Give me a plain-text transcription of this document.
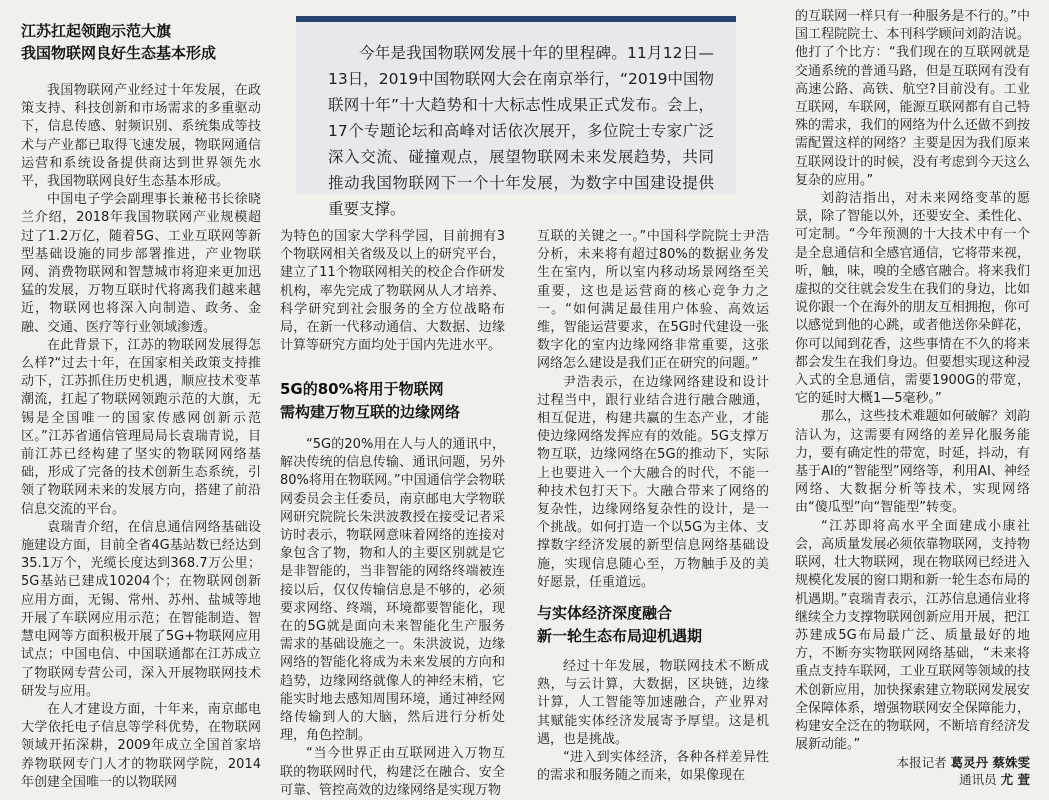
今年是我国物联网发展十年的里程碑。11月12日—13日，2019中国物联网大会在南京举行，“2019中国物联网十年”十大趋势和十大标志性成果正式发布。会上，17个专题论坛和高峰对话依次展开，多位院士专家广泛深入交流、碰撞观点，展望物联网未来发展趋势，共同推动我国物联网下一个十年发展，为数字中国建设提供重要支撑。

江苏扛起领跑示范大旗
我国物联网良好生态基本形成

我国物联网产业经过十年发展，在政策支持、科技创新和市场需求的多重驱动下，信息传感、射频识别、系统集成等技术与产业都已取得飞速发展，物联网通信运营和系统设备提供商达到世界领先水平，我国物联网良好生态基本形成。

中国电子学会副理事长兼秘书长徐晓兰介绍，2018年我国物联网产业规模超过了1.2万亿，随着5G、工业互联网等新型基础设施的同步部署推进，产业物联网、消费物联网和智慧城市将迎来更加迅猛的发展，万物互联时代将离我们越来越近，物联网也将深入向制造、政务、金融、交通、医疗等行业领域渗透。

在此背景下，江苏的物联网发展得怎么样?“过去十年，在国家相关政策支持推动下，江苏抓住历史机遇，顺应技术变革潮流，扛起了物联网领跑示范的大旗，无锡是全国唯一的国家传感网创新示范区。”江苏省通信管理局局长袁瑞青说，目前江苏已经构建了坚实的物联网网络基础，形成了完备的技术创新生态系统，引领了物联网未来的发展方向，搭建了前沿信息交流的平台。

袁瑞青介绍，在信息通信网络基础设施建设方面，目前全省4G基站数已经达到35.1万个，光缆长度达到368.7万公里；5G基站已建成10204个；在物联网创新应用方面，无锡、常州、苏州、盐城等地开展了车联网应用示范；在智能制造、智慧电网等方面积极开展了5G+物联网应用试点；中国电信、中国联通都在江苏成立了物联网专营公司，深入开展物联网技术研发与应用。

在人才建设方面，十年来，南京邮电大学依托电子信息等学科优势，在物联网领域开拓深耕，2009年成立全国首家培养物联网专门人才的物联网学院，2014年创建全国唯一的以物联网

为特色的国家大学科学园，目前拥有3个物联网相关省级及以上的研究平台，建立了11个物联网相关的校企合作研发机构，率先完成了物联网从人才培养、科学研究到社会服务的全方位战略布局，在新一代移动通信、大数据、边缘计算等研究方面均处于国内先进水平。

5G的80%将用于物联网
需构建万物互联的边缘网络

“5G的20%用在人与人的通讯中，解决传统的信息传输、通讯问题，另外80%将用在物联网。”中国通信学会物联网委员会主任委员，南京邮电大学物联网研究院院长朱洪波教授在接受记者采访时表示，物联网意味着网络的连接对象包含了物，物和人的主要区别就是它是非智能的，当非智能的网络终端被连接以后，仅仅传输信息是不够的，必须要求网络、终端，环境都要智能化，现在的5G就是面向未来智能化生产服务需求的基础设施之一。朱洪波说，边缘网络的智能化将成为未来发展的方向和趋势，边缘网络就像人的神经末梢，它能实时地去感知周围环境，通过神经网络传输到人的大脑，然后进行分析处理，角色控制。

“当今世界正由互联网进入万物互联的物联网时代，构建泛在融合、安全可靠、管控高效的边缘网络是实现万物

互联的关键之一。”中国科学院院士尹浩分析，未来将有超过80%的数据业务发生在室内，所以室内移动场景网络至关重要，这也是运营商的核心竞争力之一。“如何满足最佳用户体验、高效运维，智能运营要求，在5G时代建设一张数字化的室内边缘网络非常重要，这张网络怎么建设是我们正在研究的问题。”

尹浩表示，在边缘网络建设和设计过程当中，跟行业结合进行融合融通，相互促进，构建共赢的生态产业，才能使边缘网络发挥应有的效能。5G支撑万物互联，边缘网络在5G的推动下，实际上也要进入一个大融合的时代，不能一种技术包打天下。大融合带来了网络的复杂性，边缘网络复杂性的设计，是一个挑战。如何打造一个以5G为主体、支撑数字经济发展的新型信息网络基础设施，实现信息随心至，万物触手及的美好愿景，任重道远。

与实体经济深度融合
新一轮生态布局迎机遇期

经过十年发展，物联网技术不断成熟，与云计算，大数据，区块链，边缘计算，人工智能等加速融合，产业界对其赋能实体经济发展寄予厚望。这是机遇，也是挑战。

“进入到实体经济，各种各样差异性的需求和服务随之而来，如果像现在

的互联网一样只有一种服务是不行的。”中国工程院院士、本刊科学顾问刘韵洁说。他打了个比方：“我们现在的互联网就是交通系统的普通马路，但是互联网有没有高速公路、高铁、航空?目前没有。工业互联网，车联网，能源互联网都有自己特殊的需求，我们的网络为什么还做不到按需配置这样的网络？主要是因为我们原来互联网设计的时候，没有考虑到今天这么复杂的应用。”

刘韵洁指出，对未来网络变革的愿景，除了智能以外，还要安全、柔性化、可定制。“今年预测的十大技术中有一个是全息通信和全感官通信，它将带来视，听，触，味，嗅的全感官融合。将来我们虚拟的交往就会发生在我们的身边，比如说你跟一个在海外的朋友互相拥抱，你可以感觉到他的心跳，或者他送你朵鲜花，你可以闻到花香，这些事情在不久的将来都会发生在我们身边。但要想实现这种浸入式的全息通信，需要1900G的带宽，它的延时大概1—5毫秒。”

那么，这些技术难题如何破解？刘韵洁认为，这需要有网络的差异化服务能力，要有确定性的带宽，时延，抖动，有基于AI的“智能型”网络等，利用AI、神经网络、大数据分析等技术，实现网络由“傻瓜型”向“智能型”转变。

“江苏即将高水平全面建成小康社会，高质量发展必须依靠物联网，支持物联网，壮大物联网，现在物联网已经进入规模化发展的窗口期和新一轮生态布局的机遇期。”袁瑞青表示，江苏信息通信业将继续全力支撑物联网创新应用开展，把江苏建成5G布局最广泛、质量最好的地方，不断夯实物联网网络基础，“未来将重点支持车联网，工业互联网等领域的技术创新应用，加快探索建立物联网发展安全保障体系，增强物联网安全保障能力，构建安全泛在的物联网，不断培育经济发展新动能。”

本报记者 葛灵丹 蔡姝雯
通讯员 尤 萱
